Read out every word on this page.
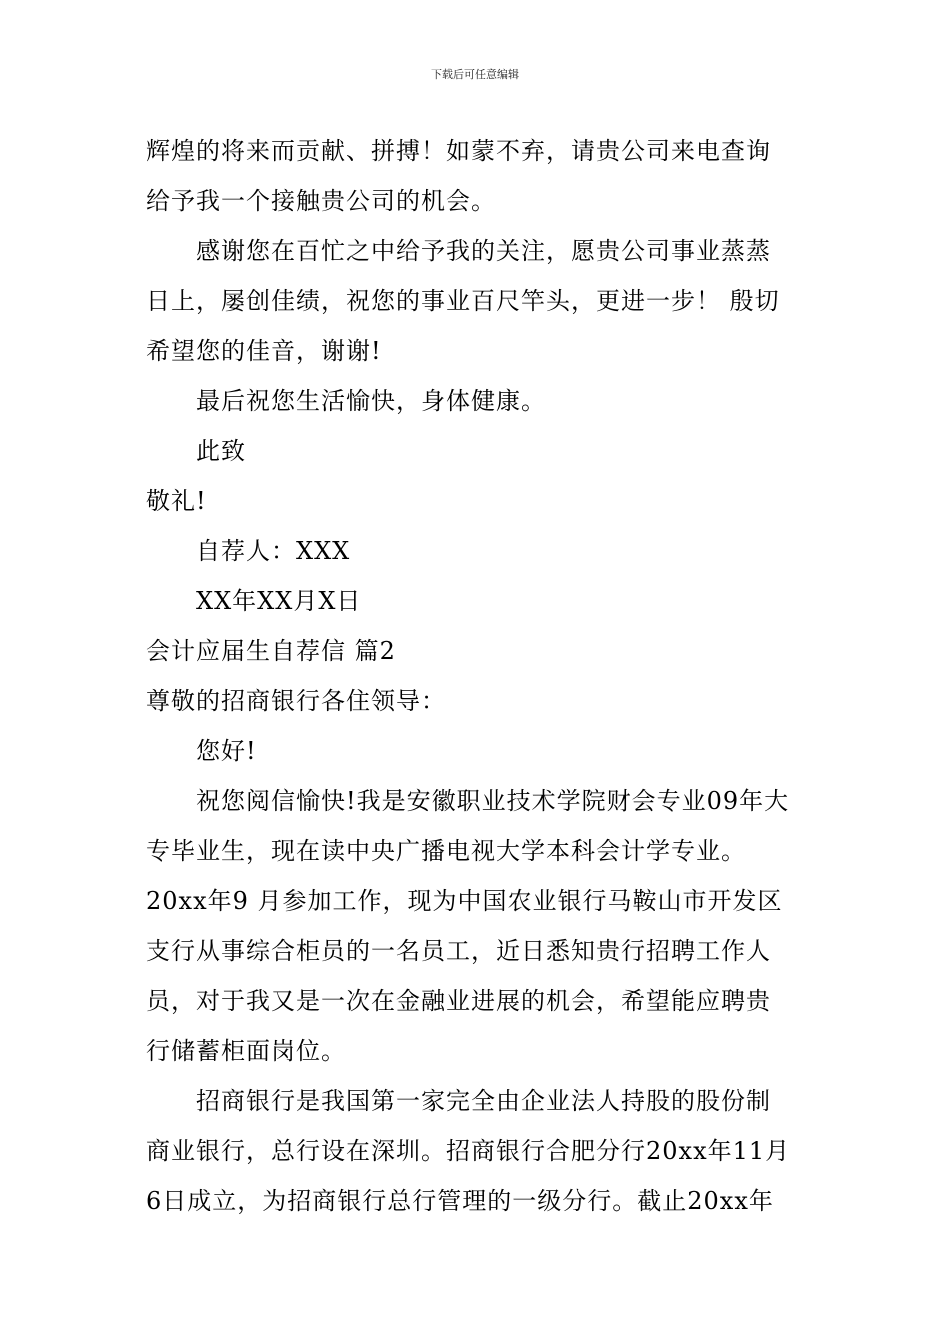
下载后可任意编辑
辉煌的将来而贡献、拼搏！如蒙不弃，请贵公司来电查询
给予我一个接触贵公司的机会。
感谢您在百忙之中给予我的关注，愿贵公司事业蒸蒸
日上，屡创佳绩，祝您的事业百尺竿头，更进一步！ 殷切
希望您的佳音，谢谢!
最后祝您生活愉快，身体健康。
此致
敬礼!
自荐人：XXX
XX年XX月X日
会计应届生自荐信 篇2
尊敬的招商银行各住领导：
您好!
祝您阅信愉快!我是安徽职业技术学院财会专业09年大
专毕业生，现在读中央广播电视大学本科会计学专业。
20xx年9 月参加工作，现为中国农业银行马鞍山市开发区
支行从事综合柜员的一名员工，近日悉知贵行招聘工作人
员，对于我又是一次在金融业进展的机会，希望能应聘贵
行储蓄柜面岗位。
招商银行是我国第一家完全由企业法人持股的股份制
商业银行，总行设在深圳。招商银行合肥分行20xx年11月
6日成立，为招商银行总行管理的一级分行。截止20xx年
